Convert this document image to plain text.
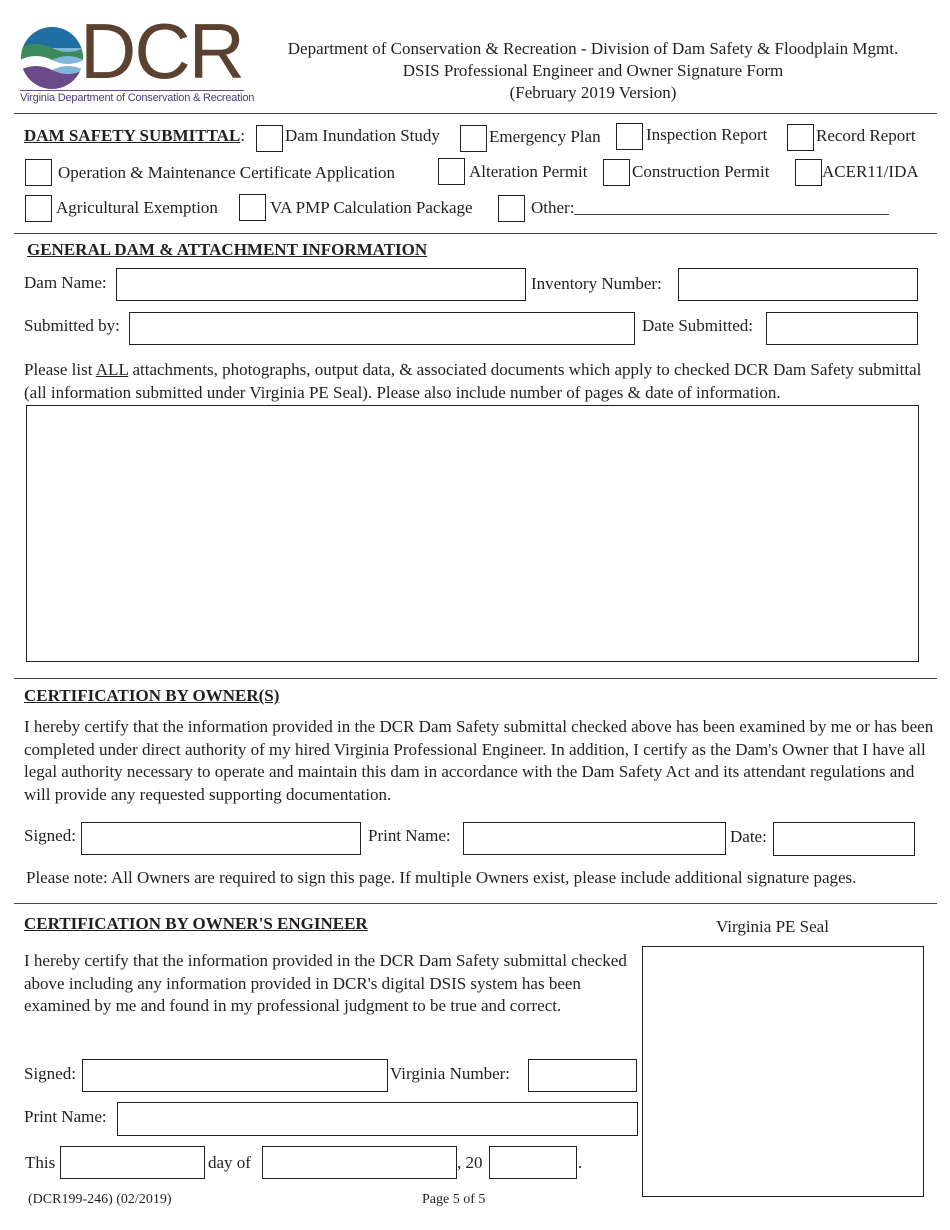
DCR
Virginia Department of Conservation & Recreation
Department of Conservation & Recreation - Division of Dam Safety & Floodplain Mgmt.
DSIS Professional Engineer and Owner Signature Form
(February 2019 Version)
DAM SAFETY SUBMITTAL: Dam Inundation Study	Emergency Plan	Inspection Report	Record Report
Operation & Maintenance Certificate Application	Alteration Permit	Construction Permit	ACER11/IDA
Agricultural Exemption	VA PMP Calculation Package	Other:_____________________________________
GENERAL DAM & ATTACHMENT INFORMATION
Dam Name:	Inventory Number:
Submitted by:	Date Submitted:
Please list ALL attachments, photographs, output data, & associated documents which apply to checked DCR Dam Safety submittal (all information submitted under Virginia PE Seal). Please also include number of pages & date of information.
CERTIFICATION BY OWNER(S)
I hereby certify that the information provided in the DCR Dam Safety submittal checked above has been examined by me or has been completed under direct authority of my hired Virginia Professional Engineer. In addition, I certify as the Dam's Owner that I have all legal authority necessary to operate and maintain this dam in accordance with the Dam Safety Act and its attendant regulations and will provide any requested supporting documentation.
Signed:	Print Name:	Date:
Please note: All Owners are required to sign this page. If multiple Owners exist, please include additional signature pages.
CERTIFICATION BY OWNER'S ENGINEER	Virginia PE Seal
I hereby certify that the information provided in the DCR Dam Safety submittal checked above including any information provided in DCR's digital DSIS system has been examined by me and found in my professional judgment to be true and correct.
Signed:	Virginia Number:
Print Name:
This	day of	, 20	.
(DCR199-246) (02/2019)	Page 5 of 5
